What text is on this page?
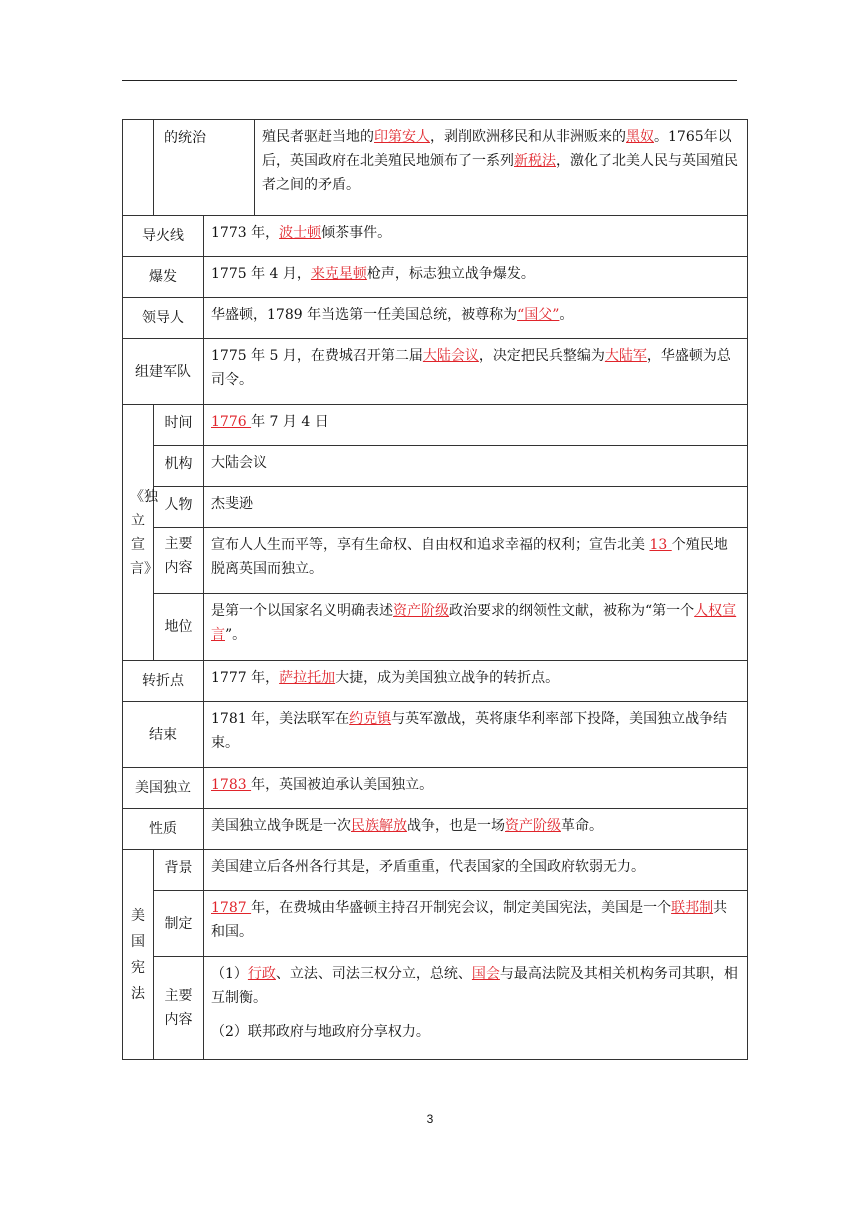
	的统治		殖民者驱赶当地的印第安人，剥削欧洲移民和从非洲贩来的黑奴。1765年以后，英国政府在北美殖民地颁布了一系列新税法，激化了北美人民与英国殖民者之间的矛盾。
导火线		1773 年，波士顿倾茶事件。	
爆发		1775 年 4 月，来克星顿枪声，标志独立战争爆发。	
领导人		华盛顿，1789 年当选第一任美国总统，被尊称为“国父”。	
组建军队		1775 年 5 月，在费城召开第二届大陆会议，决定把民兵整编为大陆军，华盛顿为总司令。	

《独立宣言》	时间	1776 年 7 月 4 日	
	机构	大陆会议	
	人物	杰斐逊	
	主要内容	宣布人人生而平等，享有生命权、自由权和追求幸福的权利；宣告北美 13 个殖民地脱离英国而独立。	
	地位	是第一个以国家名义明确表述资产阶级政治要求的纲领性文献，被称为“第一个人权宣言”。	
转折点		1777 年，萨拉托加大捷，成为美国独立战争的转折点。	
结束		1781 年，美法联军在约克镇与英军激战，英将康华利率部下投降，美国独立战争结束。	
美国独立		1783 年，英国被迫承认美国独立。	
性质		美国独立战争既是一次民族解放战争，也是一场资产阶级革命。	

美国宪法	背景	美国建立后各州各行其是，矛盾重重，代表国家的全国政府软弱无力。	
	制定	1787 年，在费城由华盛顿主持召开制宪会议，制定美国宪法，美国是一个联邦制共和国。	
	主要内容	（1）行政、立法、司法三权分立，总统、国会与最高法院及其相关机构务司其职，相互制衡。

（2）联邦政府与地政府分享权力。	

3
